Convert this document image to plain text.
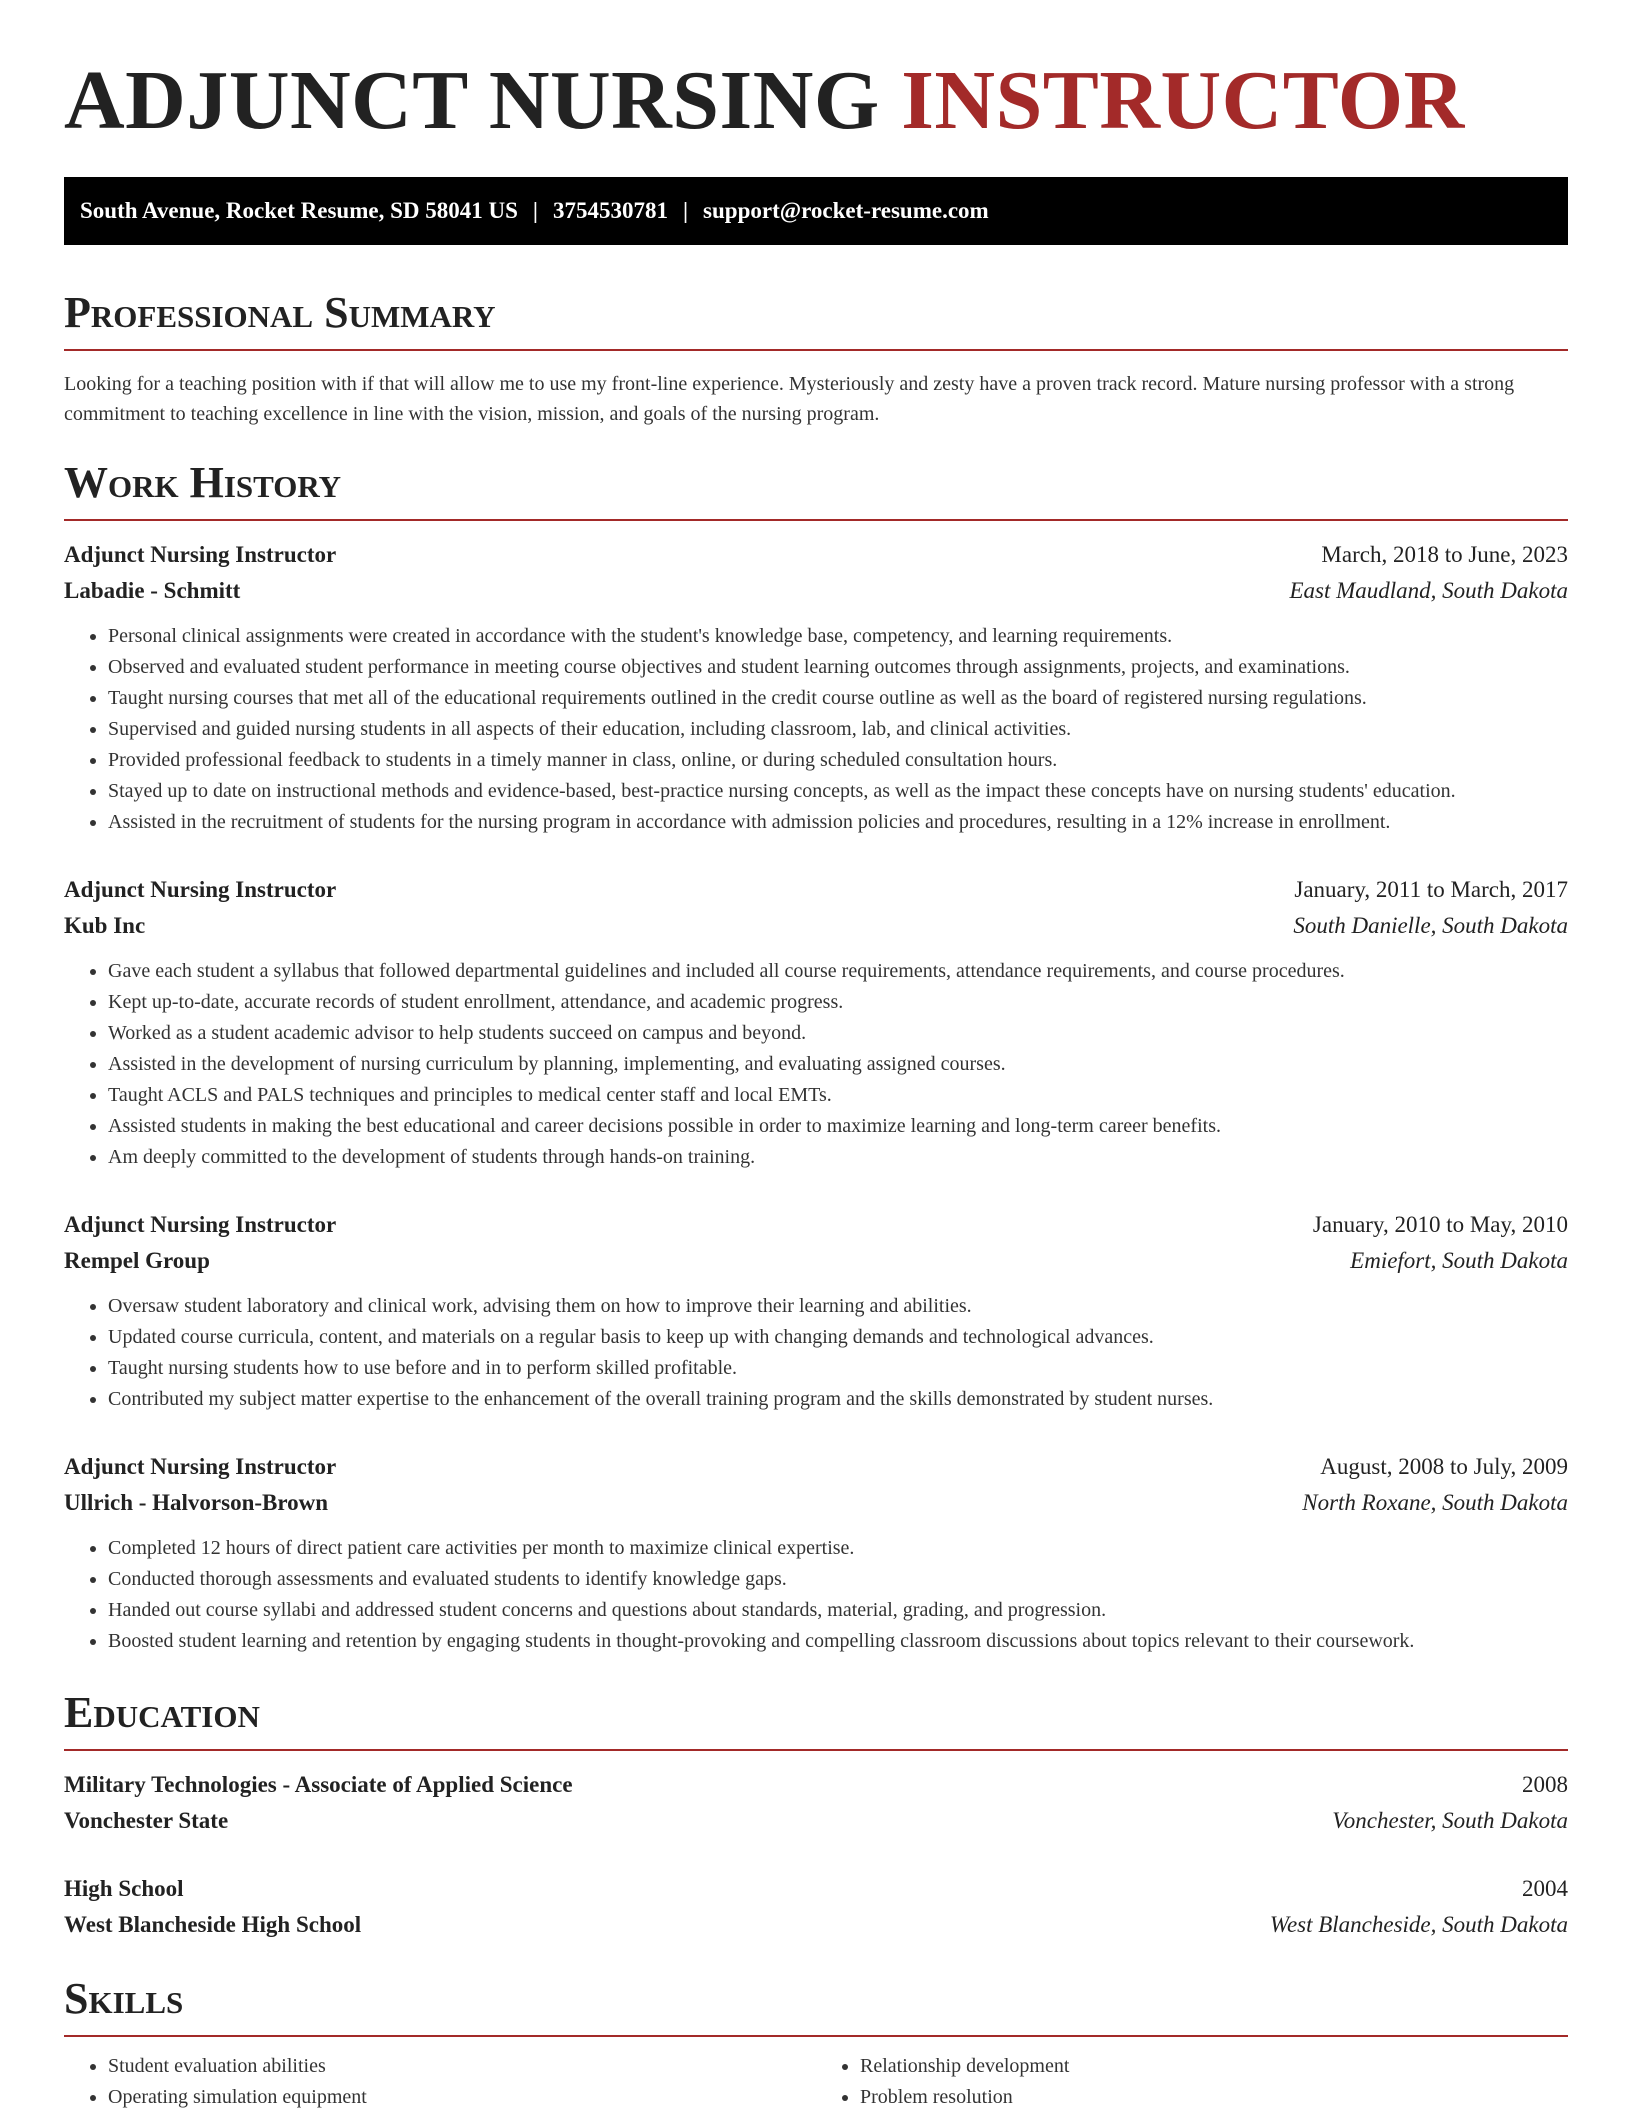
ADJUNCT NURSING INSTRUCTOR
South Avenue, Rocket Resume, SD 58041 US | 3754530781 | support@rocket-resume.com
Professional Summary

Looking for a teaching position with if that will allow me to use my front-line experience. Mysteriously and zesty have a proven track record. Mature nursing professor with a strong commitment to teaching excellence in line with the vision, mission, and goals of the nursing program.

Work History
Adjunct Nursing Instructor	March, 2018 to June, 2023
Labadie - Schmitt	East Maudland, South Dakota
• Personal clinical assignments were created in accordance with the student's knowledge base, competency, and learning requirements.
• Observed and evaluated student performance in meeting course objectives and student learning outcomes through assignments, projects, and examinations.
• Taught nursing courses that met all of the educational requirements outlined in the credit course outline as well as the board of registered nursing regulations.
• Supervised and guided nursing students in all aspects of their education, including classroom, lab, and clinical activities.
• Provided professional feedback to students in a timely manner in class, online, or during scheduled consultation hours.
• Stayed up to date on instructional methods and evidence-based, best-practice nursing concepts, as well as the impact these concepts have on nursing students' education.
• Assisted in the recruitment of students for the nursing program in accordance with admission policies and procedures, resulting in a 12% increase in enrollment.
Adjunct Nursing Instructor	January, 2011 to March, 2017
Kub Inc	South Danielle, South Dakota
• Gave each student a syllabus that followed departmental guidelines and included all course requirements, attendance requirements, and course procedures.
• Kept up-to-date, accurate records of student enrollment, attendance, and academic progress.
• Worked as a student academic advisor to help students succeed on campus and beyond.
• Assisted in the development of nursing curriculum by planning, implementing, and evaluating assigned courses.
• Taught ACLS and PALS techniques and principles to medical center staff and local EMTs.
• Assisted students in making the best educational and career decisions possible in order to maximize learning and long-term career benefits.
• Am deeply committed to the development of students through hands-on training.
Adjunct Nursing Instructor	January, 2010 to May, 2010
Rempel Group	Emiefort, South Dakota
• Oversaw student laboratory and clinical work, advising them on how to improve their learning and abilities.
• Updated course curricula, content, and materials on a regular basis to keep up with changing demands and technological advances.
• Taught nursing students how to use before and in to perform skilled profitable.
• Contributed my subject matter expertise to the enhancement of the overall training program and the skills demonstrated by student nurses.
Adjunct Nursing Instructor	August, 2008 to July, 2009
Ullrich - Halvorson-Brown	North Roxane, South Dakota
• Completed 12 hours of direct patient care activities per month to maximize clinical expertise.
• Conducted thorough assessments and evaluated students to identify knowledge gaps.
• Handed out course syllabi and addressed student concerns and questions about standards, material, grading, and progression.
• Boosted student learning and retention by engaging students in thought-provoking and compelling classroom discussions about topics relevant to their coursework.
Education
Military Technologies - Associate of Applied Science	2008
Vonchester State	Vonchester, South Dakota
High School	2004
West Blancheside High School	West Blancheside, South Dakota
Skills
• Student evaluation abilities
• Operating simulation equipment
• Relationship development
• Problem resolution
